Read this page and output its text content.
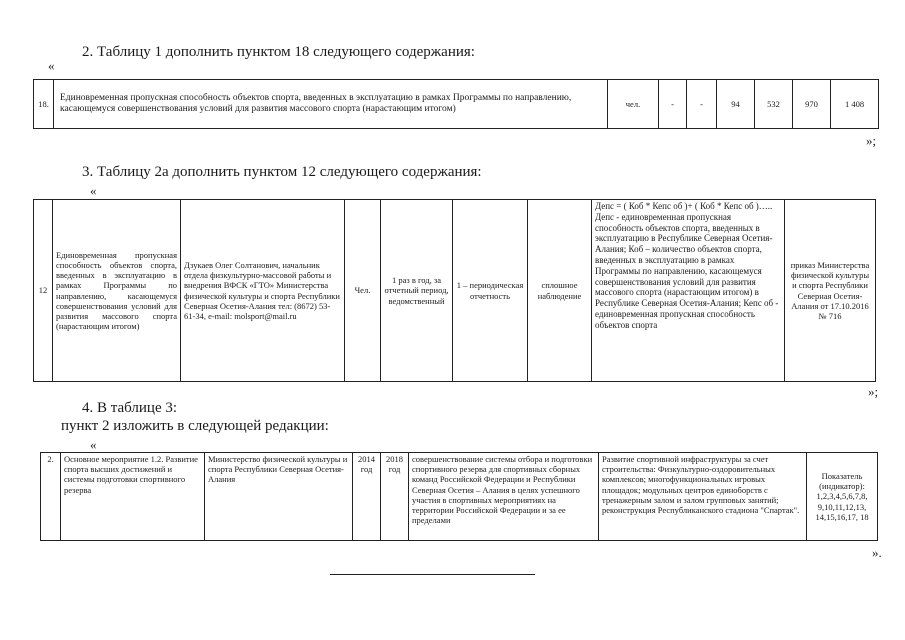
2. Таблицу 1 дополнить пунктом 18 следующего содержания:
«
18.	Единовременная пропускная способность объектов спорта, введенных в эксплуатацию в рамках Программы по направлению, касающемуся совершенствования условий для развития массового спорта (нарастающим итогом)	чел.	-	-	94	532	970	1 408
»;
3. Таблицу 2а дополнить пунктом 12 следующего содержания:
«
12	Единовременная пропускная способность объектов спорта, введенных в эксплуатацию в рамках Программы по направлению, касающемуся совершенствования условий для развития массового спорта (нарастающим итогом)	Дзукаев Олег Солтанович, начальник отдела физкультурно-массовой работы и внедрения ВФСК «ГТО» Министерства физической культуры и спорта Республики Северная Осетия-Алания тел: (8672) 53-61-34, e-mail: molsport@mail.ru	Чел.	1 раз в год, за отчетный период, ведомственный	1 – периодическая отчетность	сплошное наблюдение	Депс = ( Коб * Кепс об )+ ( Коб * Кепс об )….. Депс - единовременная пропускная способность объектов спорта, введенных в эксплуатацию в Республике Северная Осетия-Алания; Коб – количество объектов спорта, введенных в эксплуатацию в рамках Программы по направлению, касающемуся совершенствования условий для развития массового спорта (нарастающим итогом) в Республике Северная Осетия-Алания; Кепс об - единовременная пропускная способность объектов спорта	приказ Министерства физической культуры и спорта Республики Северная Осетия-Алания от 17.10.2016 № 716
»;
4. В таблице 3:
пункт 2 изложить в следующей редакции:
«
2.	Основное мероприятие 1.2. Развитие спорта высших достижений и системы подготовки спортивного резерва	Министерство физической культуры и спорта Республики Северная Осетия-Алания	2014 год	2018 год	совершенствование системы отбора и подготовки спортивного резерва для спортивных сборных команд Российской Федерации и Республики Северная Осетия – Алания в целях успешного участия в спортивных мероприятиях на территории Российской Федерации и за ее пределами	Развитие спортивной инфраструктуры за счет строительства: Физкультурно-оздоровительных комплексов; многофункциональных игровых площадок; модульных центров единоборств с тренажерным залом и залом групповых занятий; реконструкция Республиканского стадиона "Спартак".	Показатель (индикатор): 1,2,3,4,5,6,7,8, 9,10,11,12,13, 14,15,16,17, 18
».
